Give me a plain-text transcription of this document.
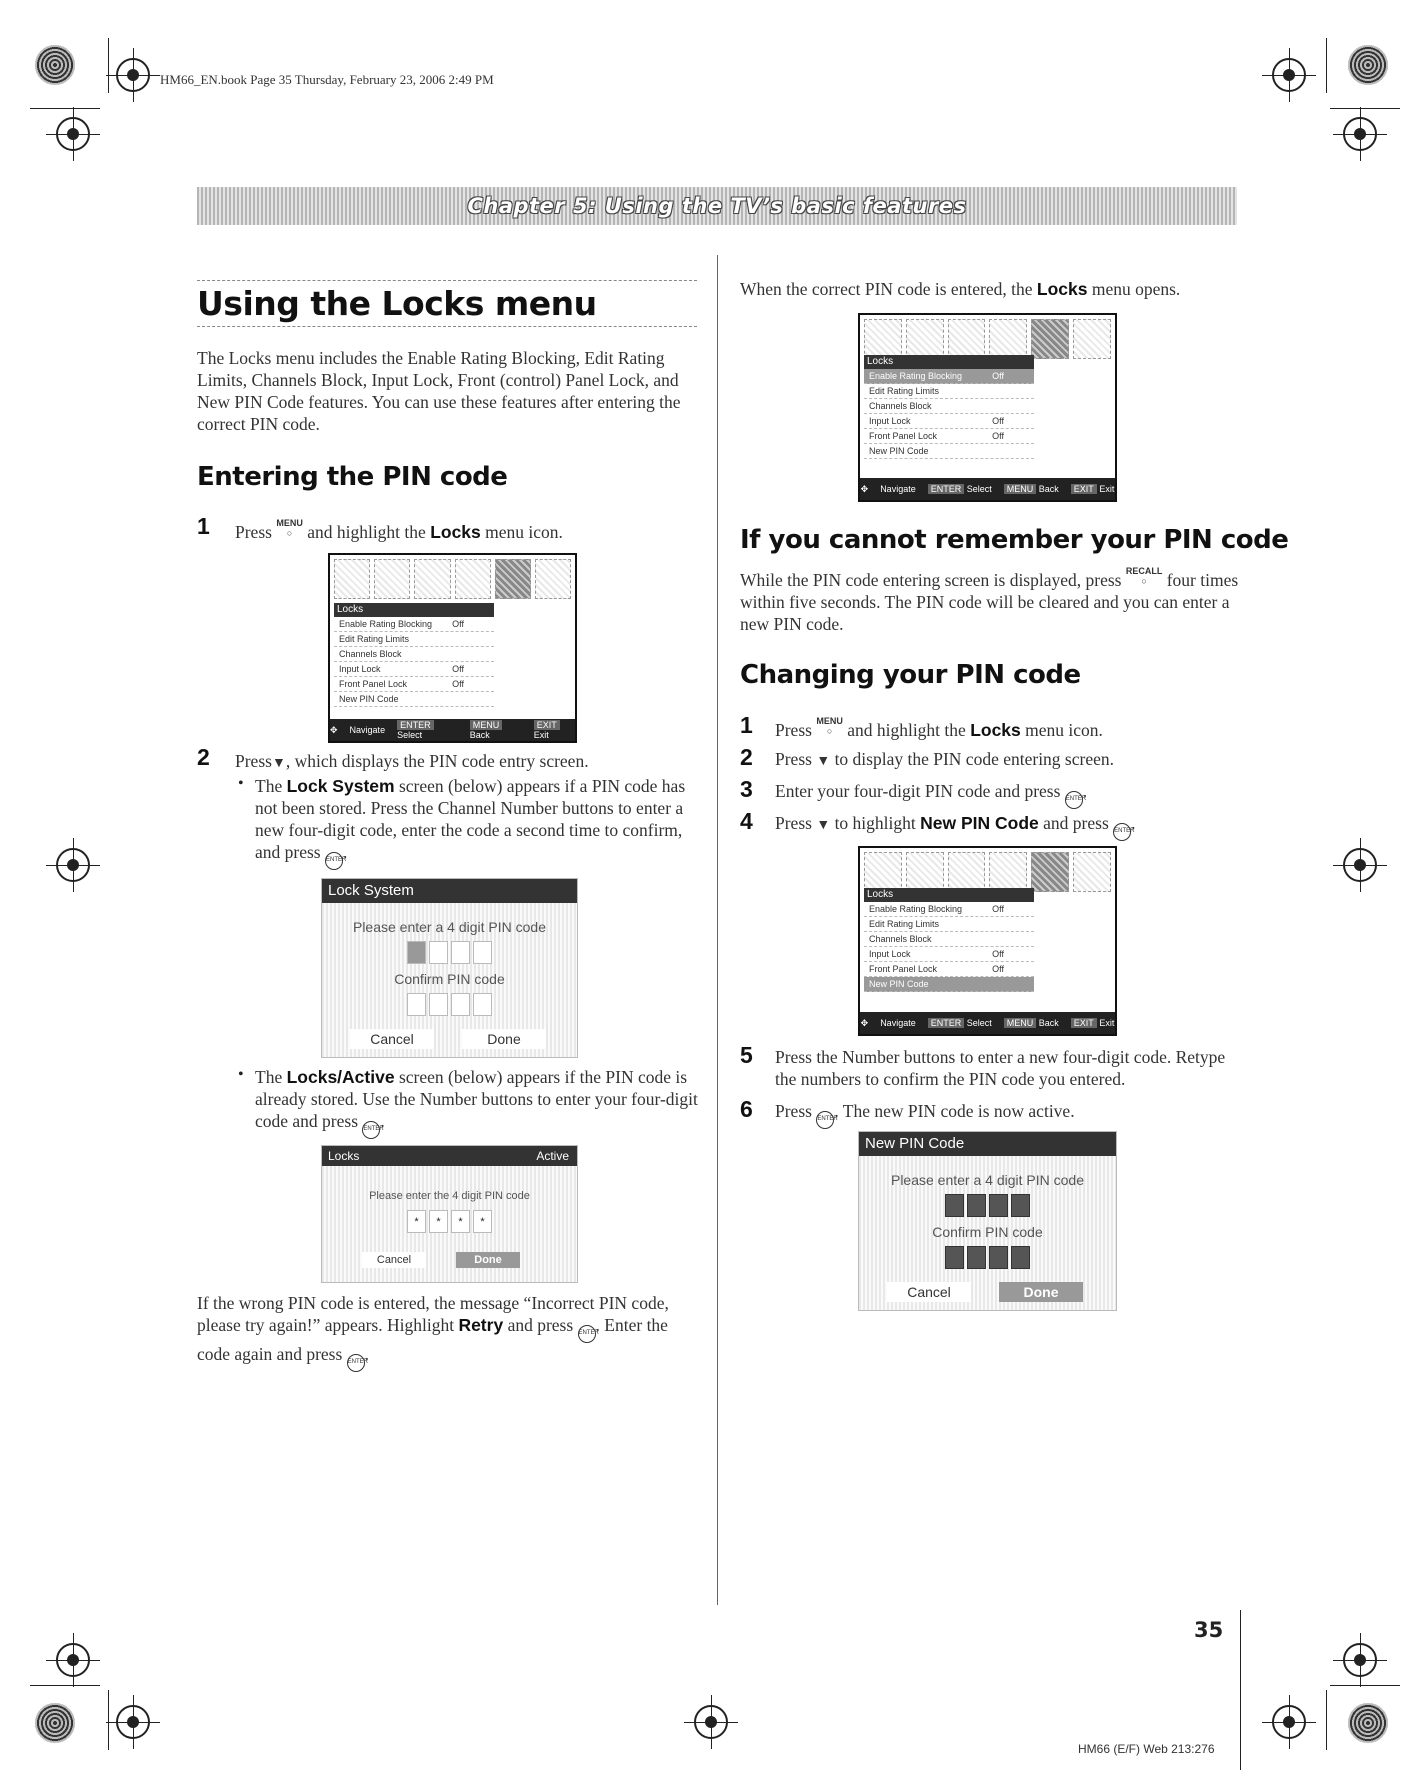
HM66_EN.book Page 35 Thursday, February 23, 2006 2:49 PM
Chapter 5: Using the TV’s basic features
Using the Locks menu

The Locks menu includes the Enable Rating Blocking, Edit Rating Limits, Channels Block, Input Lock, Front (control) Panel Lock, and New PIN Code features. You can use these features after entering the correct PIN code.

Entering the PIN code
1 Press MENU
○ and highlight the Locks menu icon.

Locks
Enable Rating Blocking Off
Edit Rating Limits
Channels Block
Input Lock	Off
Front Panel Lock	Off
New PIN Code
✥ Navigate	ENTER Select
MENU Back
EXIT Exit
2 Press▼, which displays the PIN code entry screen.

The Lock System screen (below) appears if a PIN code has not been stored. Press the Channel Number buttons to enter a new four-digit code, enter the code a second time to confirm, and press ENTER.

•
Lock System
Please enter a 4 digit PIN code
Confirm PIN code
Cancel	Done

The Locks/Active screen (below) appears if the PIN code is already stored. Use the Number buttons to enter your four-digit code and press ENTER.

•
Locks	Active
Please enter the 4 digit PIN code
*	*	*	*
Cancel	Done

If the wrong PIN code is entered, the message “Incorrect PIN code, please try again!” appears. Highlight Retry and press ENTER. Enter the code again and press ENTER.

When the correct PIN code is entered, the Locks menu opens.

Locks
Enable Rating Blocking	Off
Edit Rating Limits
Channels Block
Input Lock	Off
Front Panel Lock	Off
New PIN Code
✥ Navigate	ENTER Select	MENU Back	EXIT Exit
If you cannot remember your PIN code

While the PIN code entering screen is displayed, press RECALL
○ four times within five seconds. The PIN code will be cleared and you can enter a new PIN code.

Changing your PIN code
1 Press MENU
○ and highlight the Locks menu icon.

2 Press ▼ to display the PIN code entering screen.

3 Enter your four-digit PIN code and press ENTER.

4 Press ▼ to highlight New PIN Code and press ENTER.

Locks
Enable Rating Blocking	Off
Edit Rating Limits
Channels Block
Input Lock	Off
Front Panel Lock	Off
New PIN Code
✥ Navigate	ENTER Select	MENU Back	EXIT Exit
5 Press the Number buttons to enter a new four-digit code. Retype the numbers to confirm the PIN code you entered.

6 Press ENTER. The new PIN code is now active.

New PIN Code
Please enter a 4 digit PIN code
Confirm PIN code
Cancel	Done
35
HM66 (E/F) Web 213:276
